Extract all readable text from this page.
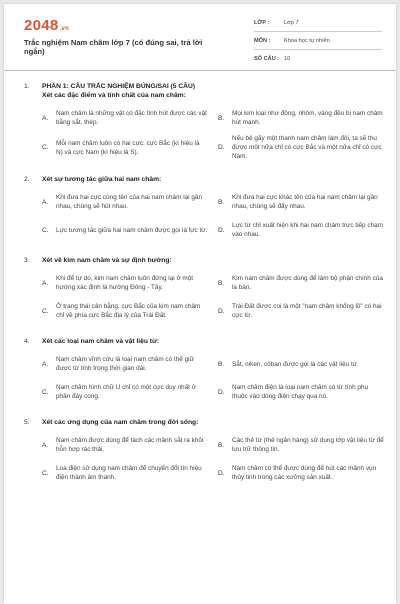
2048.vn
Trắc nghiệm Nam châm lớp 7 (có đúng sai, trả lời ngắn)
LỚP :	Lớp 7
MÔN :	Khoa học tự nhiên
SỐ CÂU : 10
1.	PHẦN 1: CÂU TRẮC NGHIỆM ĐÚNG/SAI (5 CÂU)
Xét các đặc điểm và tính chất của nam châm:
A.
Nam châm là những vật có đặc tính hút được các vật bằng sắt, thép.
B.
Mọi kim loại như đồng, nhôm, vàng đều bị nam châm hút mạnh.
C.
Mỗi nam châm luôn có hai cực: cực Bắc (kí hiệu là N) và cực Nam (kí hiệu là S).
D.
Nếu bẻ gãy một thanh nam châm làm đôi, ta sẽ thu được một nửa chỉ có cực Bắc và một nửa chỉ có cực Nam.
2.	Xét sự tương tác giữa hai nam châm:
A.
Khi đưa hai cực cùng tên của hai nam châm lại gần nhau, chúng sẽ hút nhau.
B.
Khi đưa hai cực khác tên của hai nam châm lại gần nhau, chúng sẽ đẩy nhau.
C.	Lực tương tác giữa hai nam châm được gọi là lực từ. D.
Lực từ chỉ xuất hiện khi hai nam châm trực tiếp chạm vào nhau.
3.	Xét về kim nam châm và sự định hướng:
A.
Khi để tự do, kim nam châm luôn đứng lại ở một hướng xác định là hướng Đông - Tây.
B.
Kim nam châm được dùng để làm bộ phận chính của la bàn.
C.
Ở trạng thái cân bằng, cực Bắc của kim nam châm chỉ về phía cực Bắc địa lý của Trái Đất.
D.
Trái Đất được coi là một "nam châm khổng lồ" có hai cực từ.
4.	Xét các loại nam châm và vật liệu từ:
A.
Nam châm vĩnh cửu là loại nam châm có thể giữ được từ tính trong thời gian dài.
B.	Sắt, niken, côban được gọi là các vật liệu từ.
C.
Nam châm hình chữ U chỉ có một cực duy nhất ở phần đáy cong.
D.
Nam châm điện là loại nam châm có từ tính phụ thuộc vào dòng điện chạy qua nó.
5.	Xét các ứng dụng của nam châm trong đời sống:
A.
Nam châm được dùng để tách các mảnh sắt ra khỏi hỗn hợp rác thải.
B.
Các thẻ từ (thẻ ngân hàng) sử dụng lớp vật liệu từ để lưu trữ thông tin.
C.
Loa điện sử dụng nam châm để chuyển đổi tín hiệu điện thành âm thanh.
D.
Nam châm có thể được dùng để hút các mảnh vụn thủy tinh trong các xưởng sản xuất.
